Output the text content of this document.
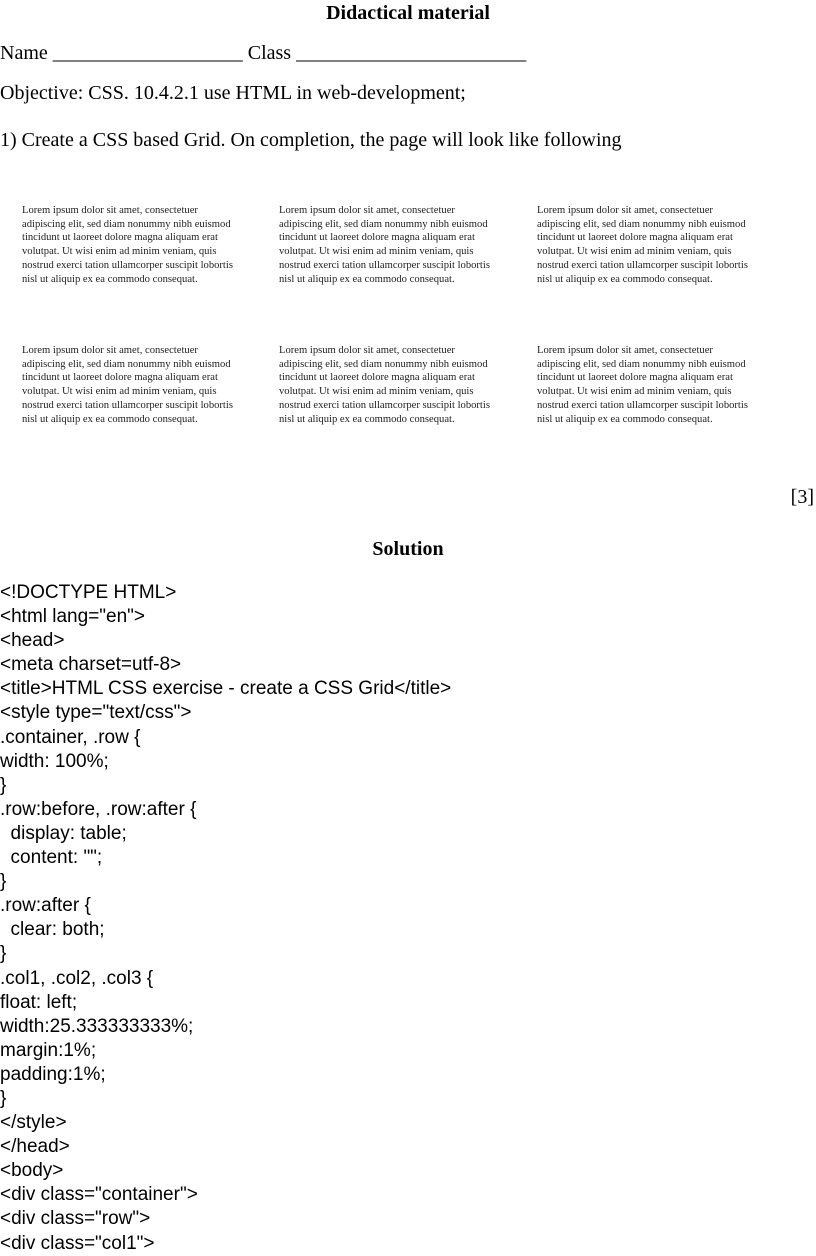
Didactical material
Name ___________________ Class _______________________
Objective: CSS. 10.4.2.1 use HTML in web-development;
1) Create a CSS based Grid. On completion, the page will look like following
Lorem ipsum dolor sit amet, consectetuer
adipiscing elit, sed diam nonummy nibh euismod
tincidunt ut laoreet dolore magna aliquam erat
volutpat. Ut wisi enim ad minim veniam, quis
nostrud exerci tation ullamcorper suscipit lobortis
nisl ut aliquip ex ea commodo consequat.
Lorem ipsum dolor sit amet, consectetuer
adipiscing elit, sed diam nonummy nibh euismod
tincidunt ut laoreet dolore magna aliquam erat
volutpat. Ut wisi enim ad minim veniam, quis
nostrud exerci tation ullamcorper suscipit lobortis
nisl ut aliquip ex ea commodo consequat.
Lorem ipsum dolor sit amet, consectetuer
adipiscing elit, sed diam nonummy nibh euismod
tincidunt ut laoreet dolore magna aliquam erat
volutpat. Ut wisi enim ad minim veniam, quis
nostrud exerci tation ullamcorper suscipit lobortis
nisl ut aliquip ex ea commodo consequat.
Lorem ipsum dolor sit amet, consectetuer
adipiscing elit, sed diam nonummy nibh euismod
tincidunt ut laoreet dolore magna aliquam erat
volutpat. Ut wisi enim ad minim veniam, quis
nostrud exerci tation ullamcorper suscipit lobortis
nisl ut aliquip ex ea commodo consequat.
Lorem ipsum dolor sit amet, consectetuer
adipiscing elit, sed diam nonummy nibh euismod
tincidunt ut laoreet dolore magna aliquam erat
volutpat. Ut wisi enim ad minim veniam, quis
nostrud exerci tation ullamcorper suscipit lobortis
nisl ut aliquip ex ea commodo consequat.
Lorem ipsum dolor sit amet, consectetuer
adipiscing elit, sed diam nonummy nibh euismod
tincidunt ut laoreet dolore magna aliquam erat
volutpat. Ut wisi enim ad minim veniam, quis
nostrud exerci tation ullamcorper suscipit lobortis
nisl ut aliquip ex ea commodo consequat.
[3]
Solution
<!DOCTYPE HTML>
<html lang="en">
<head>
<meta charset=utf-8>
<title>HTML CSS exercise - create a CSS Grid</title>
<style type="text/css">
.container, .row {
width: 100%;
}
.row:before, .row:after {
display: table;
content: "";
}
.row:after {
clear: both;
}
.col1, .col2, .col3 {
float: left;
width:25.333333333%;
margin:1%;
padding:1%;
}
</style>
</head>
<body>
<div class="container">
<div class="row">
<div class="col1">
